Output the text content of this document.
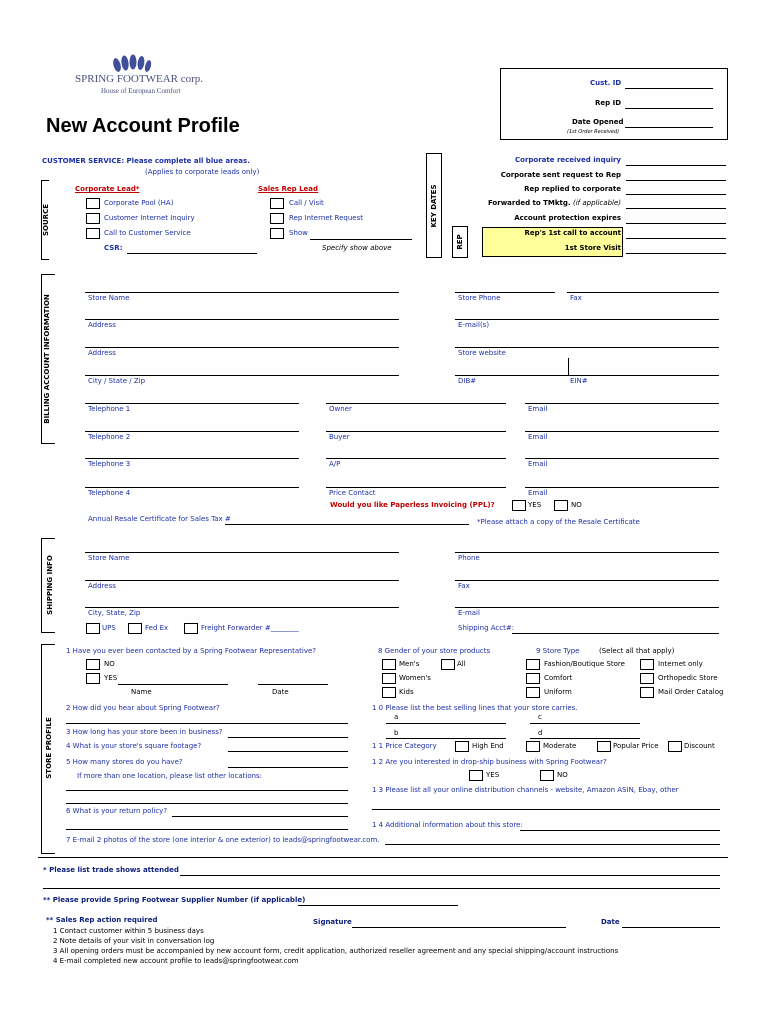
SPRING FOOTWEAR corp.
House of European Comfort
Cust. ID
Rep ID
Date Opened
(1st Order Received)
New Account Profile
CUSTOMER SERVICE: Please complete all blue areas.
(Applies to corporate leads only)
SOURCE
Corporate Lead*
Corporate Pool (HA)
Customer Internet Inquiry
Call to Customer Service
CSR:
Sales Rep Lead
Call / Visit
Rep Internet Request
Show
Specify show above
KEY DATES
REP
Corporate received inquiry
Corporate sent request to Rep
Rep replied to corporate
Forwarded to TMktg. (if applicable)
Account protection expires
Rep's 1st call to account
1st Store Visit
BILLING ACCOUNT INFORMATION	Store Name	Store Phone	Fax
Address	E-mail(s)
Address	Store website
City / State / Zip	DIB#	EIN#
Telephone 1	Owner	Email
Telephone 2	Buyer	Email
Telephone 3	A/P	Email
Telephone 4	Price Contact	Email
Would you like Paperless Invoicing (PPL)?	YES	NO
Annual Resale Certificate for Sales Tax #	*Please attach a copy of the Resale Certificate
SHIPPING INFO	Store Name	Phone
Address	Fax
City, State, Zip	E-mail
UPS	Fed Ex	Freight Forwarder #________	Shipping Acct#:
STORE PROFILE
1 Have you ever been contacted by a Spring Footwear Representative?
NO
YES
Name	Date
2 How did you hear about Spring Footwear?
3 How long has your store been in business?
4 What is your store's square footage?
5 How many stores do you have?
If more than one location, please list other locations:
6 What is your return policy?
7 E-mail 2 photos of the store (one interior & one exterior) to leads@springfootwear.com.
8 Gender of your store products
Men's	All
Women's
Kids
9 Store Type	(Select all that apply)
Fashion/Boutique Store	Internet only
Comfort	Orthopedic Store
Uniform	Mail Order Catalog
1 0 Please list the best selling lines that your store carries.
a	c
b	d
1 1 Price Category	High End	Moderate	Popular Price	Discount
1 2 Are you interested in drop-ship business with Spring Footwear?
YES	NO
1 3 Please list all your online distribution channels - website, Amazon ASIN, Ebay, other
1 4 Additional information about this store:
* Please list trade shows attended
** Please provide Spring Footwear Supplier Number (if applicable)
** Sales Rep action required	Signature	Date
1 Contact customer within 5 business days
2 Note details of your visit in conversation log
3 All opening orders must be accompanied by new account form, credit application, authorized reseller agreement and any special shipping/account instructions
4 E-mail completed new account profile to leads@springfootwear.com
